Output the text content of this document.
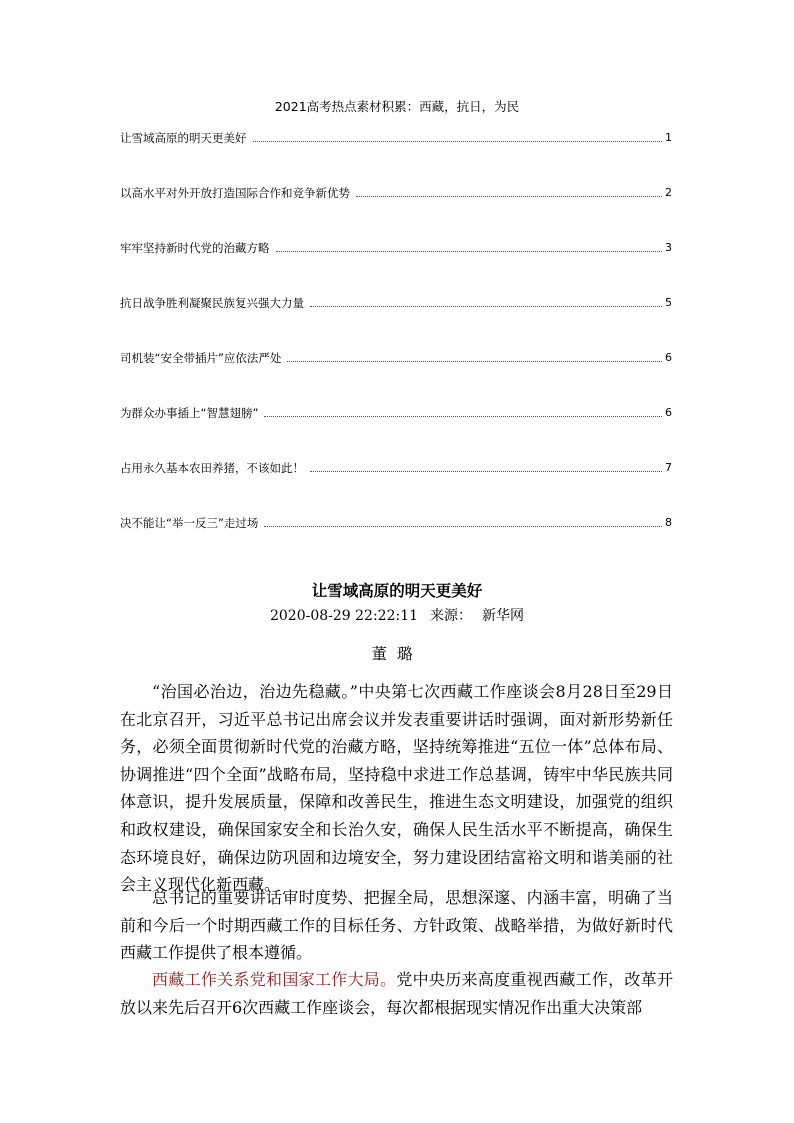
2021高考热点素材积累：西藏，抗日，为民
让雪域高原的明天更美好	1
以高水平对外开放打造国际合作和竞争新优势	2
牢牢坚持新时代党的治藏方略	3
抗日战争胜利凝聚民族复兴强大力量	5
司机装“安全带插片”应依法严处	6
为群众办事插上“智慧翅膀”	6
占用永久基本农田养猪，不该如此！	7
决不能让“举一反三”走过场	8
让雪域高原的明天更美好
2020-08-29 22:22:11 来源： 新华网
董璐

“治国必治边，治边先稳藏。”中央第七次西藏工作座谈会8月28日至29日在北京召开，习近平总书记出席会议并发表重要讲话时强调，面对新形势新任务，必须全面贯彻新时代党的治藏方略，坚持统筹推进“五位一体”总体布局、协调推进“四个全面”战略布局，坚持稳中求进工作总基调，铸牢中华民族共同体意识，提升发展质量，保障和改善民生，推进生态文明建设，加强党的组织和政权建设，确保国家安全和长治久安，确保人民生活水平不断提高，确保生态环境良好，确保边防巩固和边境安全，努力建设团结富裕文明和谐美丽的社会主义现代化新西藏。

总书记的重要讲话审时度势、把握全局，思想深邃、内涵丰富，明确了当前和今后一个时期西藏工作的目标任务、方针政策、战略举措，为做好新时代西藏工作提供了根本遵循。

西藏工作关系党和国家工作大局。党中央历来高度重视西藏工作，改革开放以来先后召开6次西藏工作座谈会，每次都根据现实情况作出重大决策部
